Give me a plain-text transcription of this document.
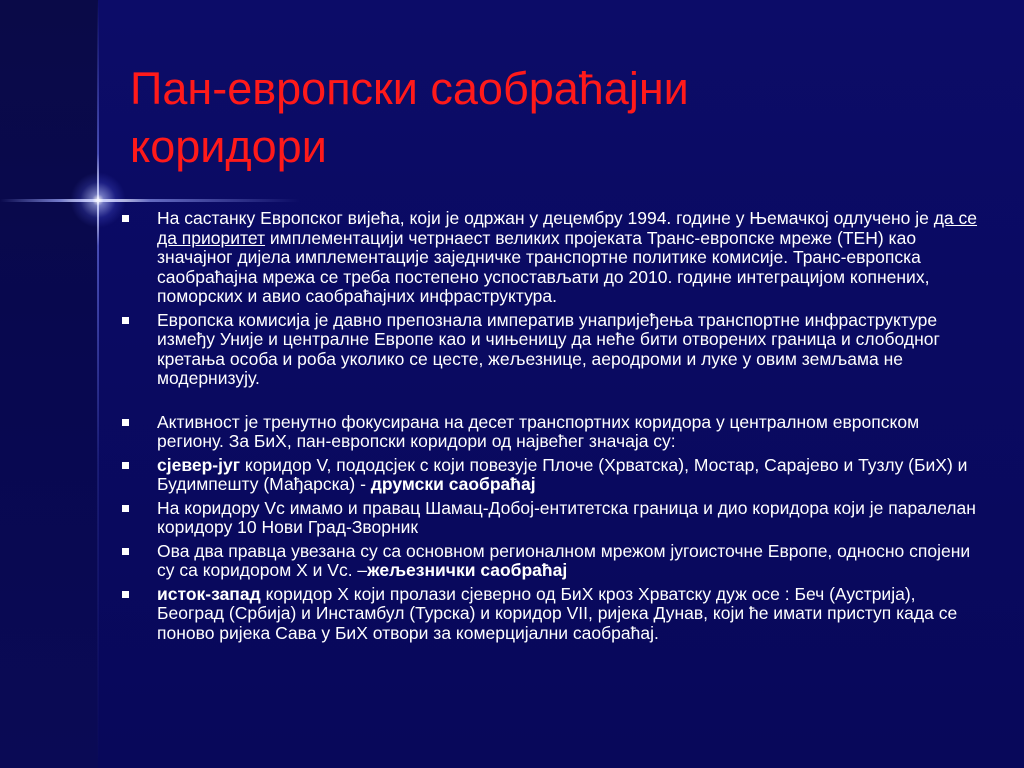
Пан-европски саобраћајни
коридори
На састанку Европског вијећа, који је одржан у децембру 1994. године у Њемачкој одлучено је да се да приоритет имплементацији четрнаест великих пројеката Транс-европске мреже (ТЕН) као значајног дијела имплементације заједничке транспортне политике комисије. Транс-европска саобраћајна мрежа се треба постепено успостављати до 2010. године интеграцијом копнених, поморских и авио саобраћајних инфраструктура.
Европска комисија је давно препознала императив унапријеђења транспортне инфраструктуре између Уније и централне Европе као и чињеницу да неће бити отворених граница и слободног кретања особа и роба уколико се цесте, жељезнице, аеродроми и луке у овим земљама не модернизују.
Активност је тренутно фокусирана на десет транспортних коридора у централном европском региону. За БиХ, пан-европски коридори од највећег значаја су:
сјевер-југ коридор V, пододсјек с који повезује Плоче (Хрватска), Мостар, Сарајево и Тузлу (БиХ) и Будимпешту (Мађарска) - друмски саобраћај
На коридору Vc имамо и правац Шамац-Добој-ентитетска граница и дио коридора који је паралелан коридору 10 Нови Град-Зворник
Ова два правца увезана су са основном регионалном мрежом југоисточне Европе, односно спојени су са коридором X и Vc. –жељезнички саобраћај
исток-запад коридор X који пролази сјеверно од БиХ кроз Хрватску дуж осе : Беч (Аустрија), Београд (Србија) и Инстамбул (Турска) и коридор VII, ријека Дунав, који ће имати приступ када се поново ријека Сава у БиХ отвори за комерцијални саобраћај.
